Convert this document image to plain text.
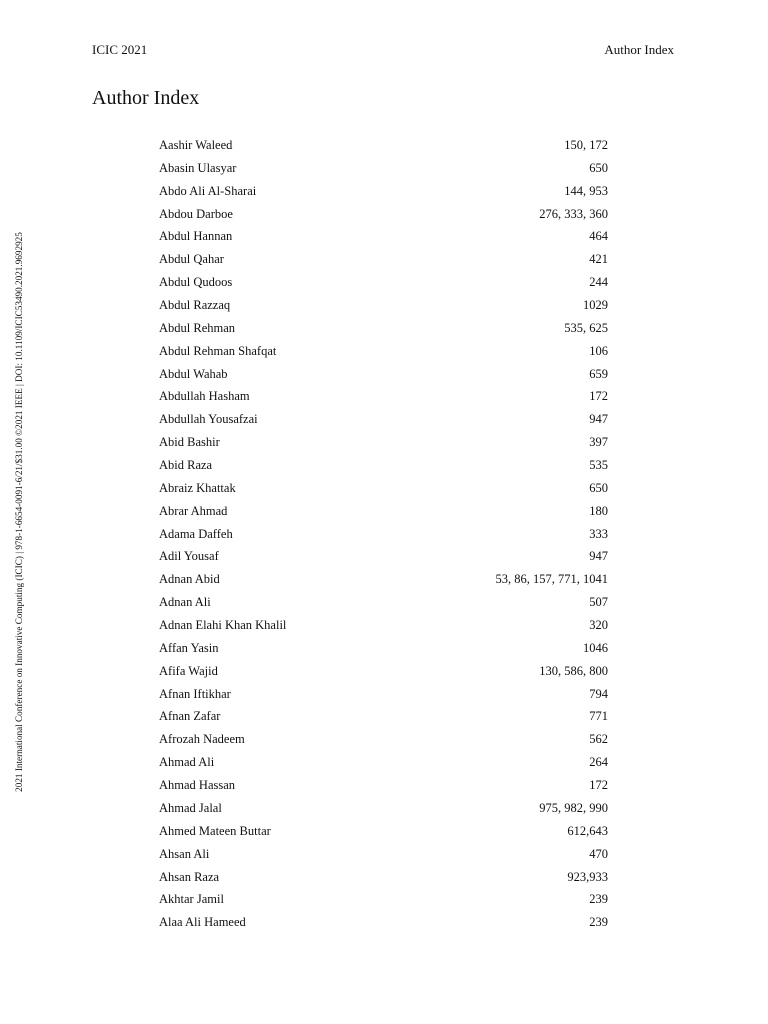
ICIC 2021	Author Index
Author Index
2021 International Conference on Innovative Computing (ICIC) | 978-1-6654-0091-6/21/$31.00 ©2021 IEEE | DOI: 10.1109/ICIC53490.2021.9692925
Aashir Waleed	150, 172
Abasin Ulasyar	650
Abdo Ali Al-Sharai	144, 953
Abdou Darboe	276, 333, 360
Abdul Hannan	464
Abdul Qahar	421
Abdul Qudoos	244
Abdul Razzaq	1029
Abdul Rehman	535, 625
Abdul Rehman Shafqat	106
Abdul Wahab	659
Abdullah Hasham	172
Abdullah Yousafzai	947
Abid Bashir	397
Abid Raza	535
Abraiz Khattak	650
Abrar Ahmad	180
Adama Daffeh	333
Adil Yousaf	947
Adnan Abid	53, 86, 157, 771, 1041
Adnan Ali	507
Adnan Elahi Khan Khalil	320
Affan Yasin	1046
Afifa Wajid	130, 586, 800
Afnan Iftikhar	794
Afnan Zafar	771
Afrozah Nadeem	562
Ahmad Ali	264
Ahmad Hassan	172
Ahmad Jalal	975, 982, 990
Ahmed Mateen Buttar	612,643
Ahsan Ali	470
Ahsan Raza	923,933
Akhtar Jamil	239
Alaa Ali Hameed	239
